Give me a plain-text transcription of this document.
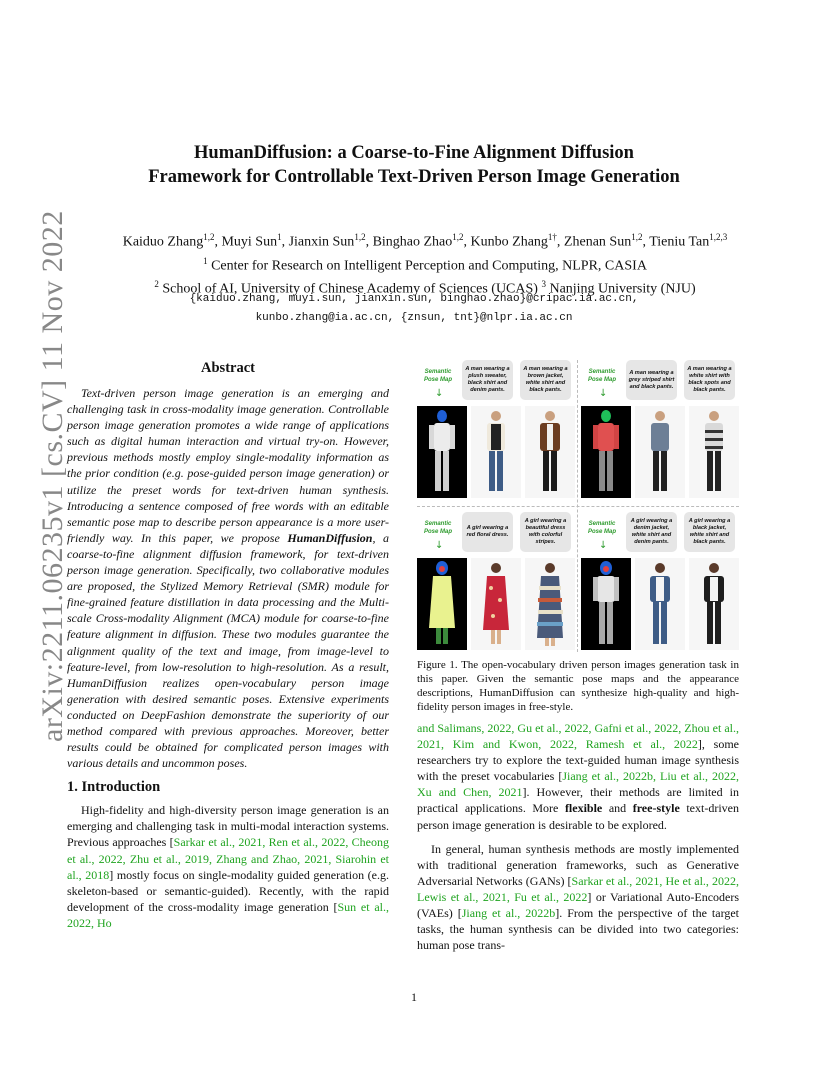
arXiv:2211.06235v1 [cs.CV] 11 Nov 2022
HumanDiffusion: a Coarse-to-Fine Alignment Diffusion
Framework for Controllable Text-Driven Person Image Generation
Kaiduo Zhang$^{1,2}$, Muyi Sun$^1$, Jianxin Sun$^{1,2}$, Binghao Zhao$^{1,2}$, Kunbo Zhang$^{1\dagger}$, Zhenan Sun$^{1,2}$, Tieniu Tan$^{1,2,3}$
$^1$ Center for Research on Intelligent Perception and Computing, NLPR, CASIA
$^2$ School of AI, University of Chinese Academy of Sciences (UCAS) $^3$ Nanjing University (NJU)
{kaiduo.zhang, muyi.sun, jianxin.sun, binghao.zhao}@cripac.ia.ac.cn,
kunbo.zhang@ia.ac.cn, {znsun, tnt}@nlpr.ia.ac.cn
Abstract

Text-driven person image generation is an emerging and challenging task in cross-modality image generation. Controllable person image generation promotes a wide range of applications such as digital human interaction and virtual try-on. However, previous methods mostly employ single-modality information as the prior condition (e.g. pose-guided person image generation) or utilize the preset words for text-driven human synthesis. Introducing a sentence composed of free words with an editable semantic pose map to describe person appearance is a more user-friendly way. In this paper, we propose HumanDiffusion, a coarse-to-fine alignment diffusion framework, for text-driven person image generation. Specifically, two collaborative modules are proposed, the Stylized Memory Retrieval (SMR) module for fine-grained feature distillation in data processing and the Multi-scale Cross-modality Alignment (MCA) module for coarse-to-fine feature alignment in diffusion. These two modules guarantee the alignment quality of the text and image, from image-level to feature-level, from low-resolution to high-resolution. As a result, HumanDiffusion realizes open-vocabulary person image generation with desired semantic poses. Extensive experiments conducted on DeepFashion demonstrate the superiority of our method compared with previous approaches. Moreover, better results could be obtained for complicated person images with various details and uncommon poses.

1. Introduction

High-fidelity and high-diversity person image generation is an emerging and challenging task in multi-modal interaction systems. Previous approaches [Sarkar et al., 2021, Ren et al., 2022, Cheong et al., 2022, Zhu et al., 2019, Zhang and Zhao, 2021, Siarohin et al., 2018] mostly focus on single-modality guided generation (e.g. skeleton-based or semantic-guided). Recently, with the rapid development of the cross-modality image generation [Sun et al., 2022, Ho

Semantic Pose Map
↓
A man wearing a plush sweater, black shirt and denim pants.
A man wearing a brown jacket, white shirt and black pants.
Semantic Pose Map
↓
A man wearing a grey striped shirt and black pants.
A man wearing a white shirt with black spots and black pants.
Semantic Pose Map
↓
A girl wearing a red floral dress.
A girl wearing a beautiful dress with colorful stripes.
Semantic Pose Map
↓
A girl wearing a denim jacket, white shirt and denim pants.
A girl wearing a black jacket, white shirt and black pants.

Figure 1. The open-vocabulary driven person images generation task in this paper. Given the semantic pose maps and the appearance descriptions, HumanDiffusion can synthesize high-quality and high-fidelity person images in free-style.

and Salimans, 2022, Gu et al., 2022, Gafni et al., 2022, Zhou et al., 2021, Kim and Kwon, 2022, Ramesh et al., 2022], some researchers try to explore the text-guided human image synthesis with the preset vocabularies [Jiang et al., 2022b, Liu et al., 2022, Xu and Chen, 2021]. However, their methods are limited in practical applications. More flexible and free-style text-driven person image generation is desirable to be explored.

In general, human synthesis methods are mostly implemented with traditional generation frameworks, such as Generative Adversarial Networks (GANs) [Sarkar et al., 2021, He et al., 2022, Lewis et al., 2021, Fu et al., 2022] or Variational Auto-Encoders (VAEs) [Jiang et al., 2022b]. From the perspective of the target tasks, the human synthesis can be divided into two categories: human pose trans-

1
